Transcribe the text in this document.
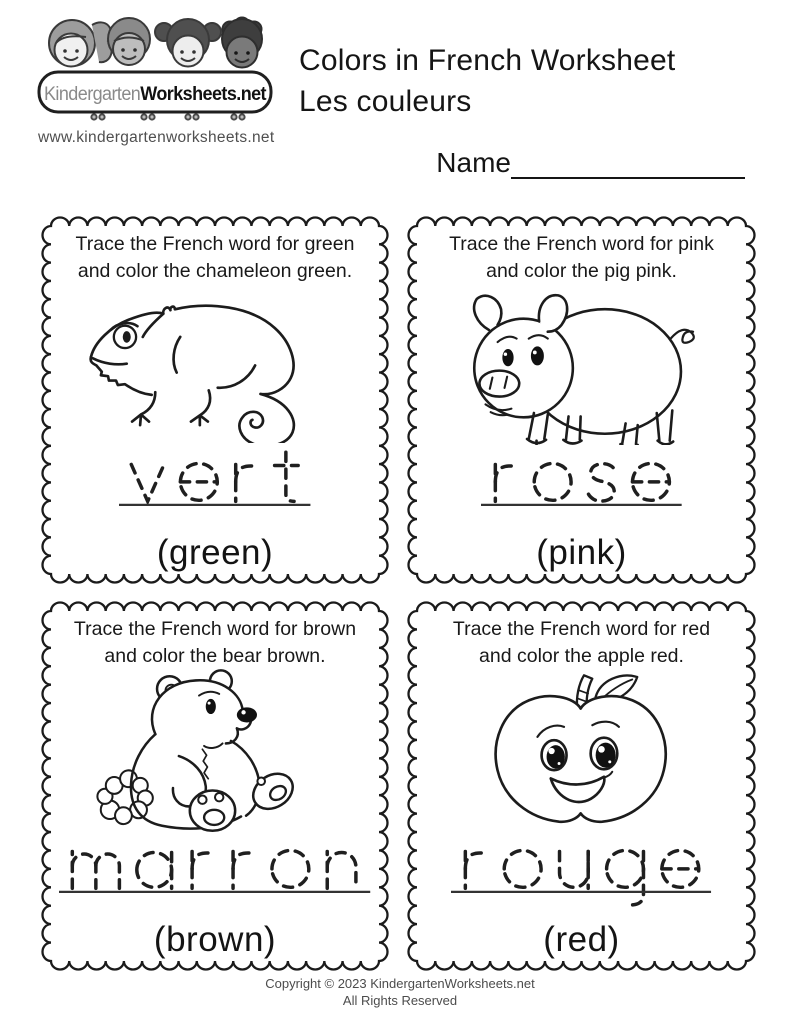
KindergartenWorksheets.net
www.kindergartenworksheets.net
Colors in French Worksheet
Les couleurs
Name

Trace the French word for green
and color the chameleon green.

(green)

Trace the French word for pink
and color the pig pink.

(pink)

Trace the French word for brown
and color the bear brown.

(brown)

Trace the French word for red
and color the apple red.

(red)
Copyright © 2023 KindergartenWorksheets.net
All Rights Reserved
